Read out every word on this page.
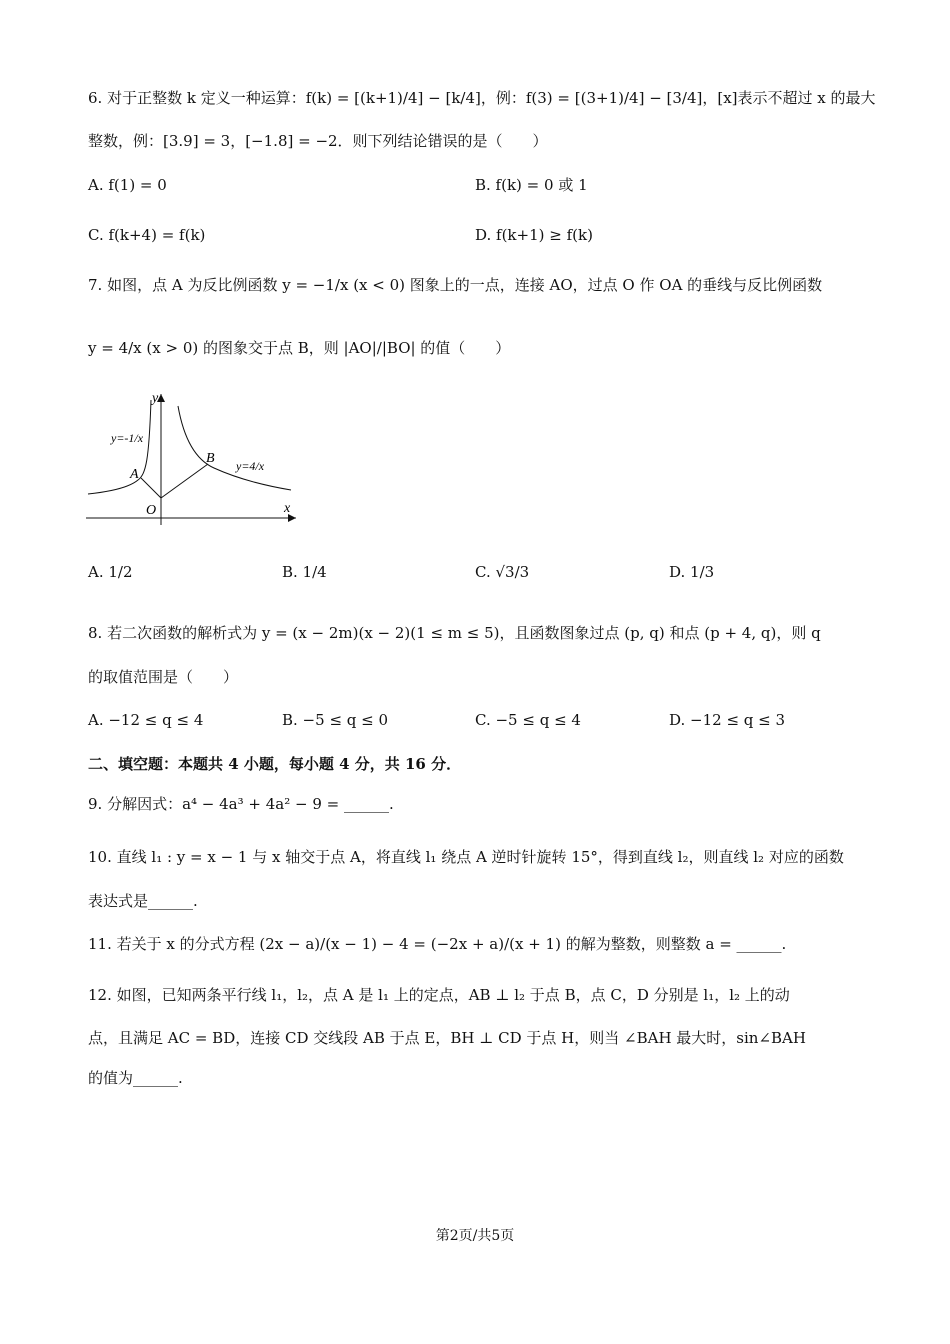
6. 对于正整数 k 定义一种运算：f(k) = [(k+1)/4] − [k/4]，例：f(3) = [(3+1)/4] − [3/4]，[x]表示不超过 x 的最大
整数，例：[3.9] = 3，[−1.8] = −2．则下列结论错误的是（　　）
A. f(1) = 0	B. f(k) = 0 或 1
C. f(k+4) = f(k)	D. f(k+1) ≥ f(k)
7. 如图，点 A 为反比例函数 y = −1/x (x < 0) 图象上的一点，连接 AO，过点 O 作 OA 的垂线与反比例函数
y = 4/x (x > 0) 的图象交于点 B，则 |AO|/|BO| 的值（　　）
y
x
O
A
B
y=-1/x
y=4/x
A. 1/2	B. 1/4	C. √3/3	D. 1/3
8. 若二次函数的解析式为 y = (x − 2m)(x − 2)(1 ≤ m ≤ 5)，且函数图象过点 (p, q) 和点 (p + 4, q)，则 q
的取值范围是（　　）
A. −12 ≤ q ≤ 4	B. −5 ≤ q ≤ 0	C. −5 ≤ q ≤ 4	D. −12 ≤ q ≤ 3
二、填空题：本题共 4 小题，每小题 4 分，共 16 分．
9. 分解因式：a⁴ − 4a³ + 4a² − 9 = ______.
10. 直线 l₁ : y = x − 1 与 x 轴交于点 A，将直线 l₁ 绕点 A 逆时针旋转 15°，得到直线 l₂，则直线 l₂ 对应的函数
表达式是______.
11. 若关于 x 的分式方程 (2x − a)/(x − 1) − 4 = (−2x + a)/(x + 1) 的解为整数，则整数 a = ______.
12. 如图，已知两条平行线 l₁，l₂，点 A 是 l₁ 上的定点，AB ⊥ l₂ 于点 B，点 C，D 分别是 l₁，l₂ 上的动
点，且满足 AC = BD，连接 CD 交线段 AB 于点 E，BH ⊥ CD 于点 H，则当 ∠BAH 最大时，sin∠BAH
的值为______.
第2页/共5页
